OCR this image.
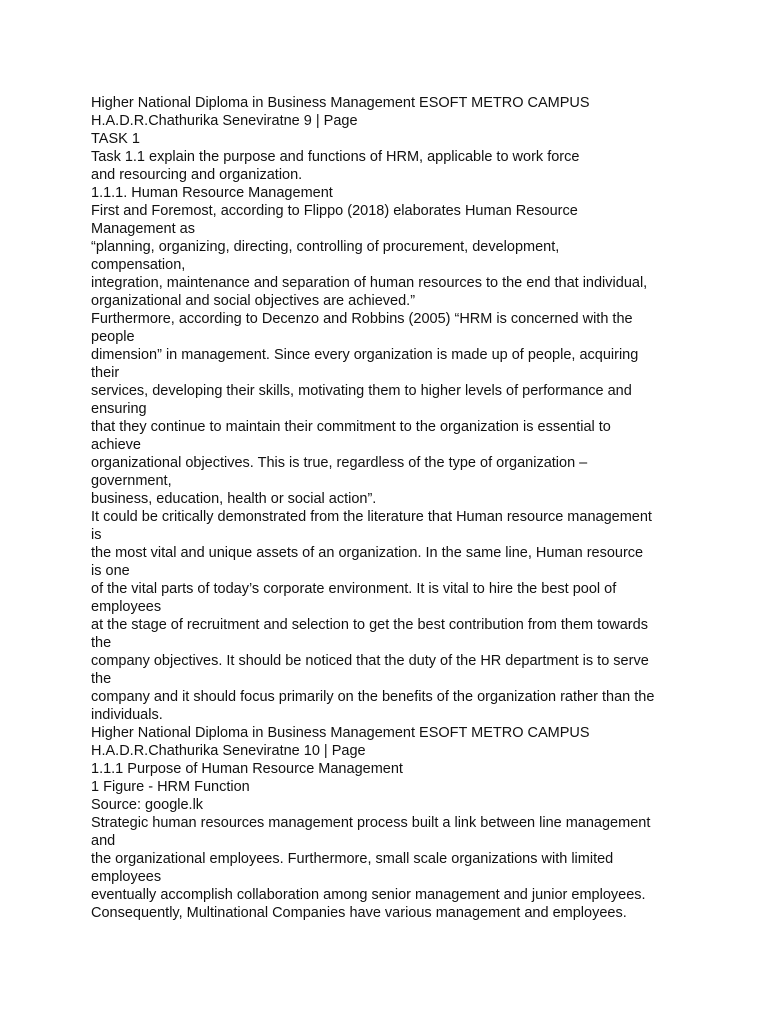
Higher National Diploma in Business Management ESOFT METRO CAMPUS
H.A.D.R.Chathurika Seneviratne 9 | Page
TASK 1
Task 1.1 explain the purpose and functions of HRM, applicable to work force
and resourcing and organization.
1.1.1. Human Resource Management
First and Foremost, according to Flippo (2018) elaborates Human Resource
Management as
“planning, organizing, directing, controlling of procurement, development,
compensation,
integration, maintenance and separation of human resources to the end that individual,
organizational and social objectives are achieved.”
Furthermore, according to Decenzo and Robbins (2005) “HRM is concerned with the
people
dimension” in management. Since every organization is made up of people, acquiring
their
services, developing their skills, motivating them to higher levels of performance and
ensuring
that they continue to maintain their commitment to the organization is essential to
achieve
organizational objectives. This is true, regardless of the type of organization –
government,
business, education, health or social action”.
It could be critically demonstrated from the literature that Human resource management
is
the most vital and unique assets of an organization. In the same line, Human resource
is one
of the vital parts of today’s corporate environment. It is vital to hire the best pool of
employees
at the stage of recruitment and selection to get the best contribution from them towards
the
company objectives. It should be noticed that the duty of the HR department is to serve
the
company and it should focus primarily on the benefits of the organization rather than the
individuals.
Higher National Diploma in Business Management ESOFT METRO CAMPUS
H.A.D.R.Chathurika Seneviratne 10 | Page
1.1.1 Purpose of Human Resource Management
1 Figure - HRM Function
Source: google.lk
Strategic human resources management process built a link between line management
and
the organizational employees. Furthermore, small scale organizations with limited
employees
eventually accomplish collaboration among senior management and junior employees.
Consequently, Multinational Companies have various management and employees.
